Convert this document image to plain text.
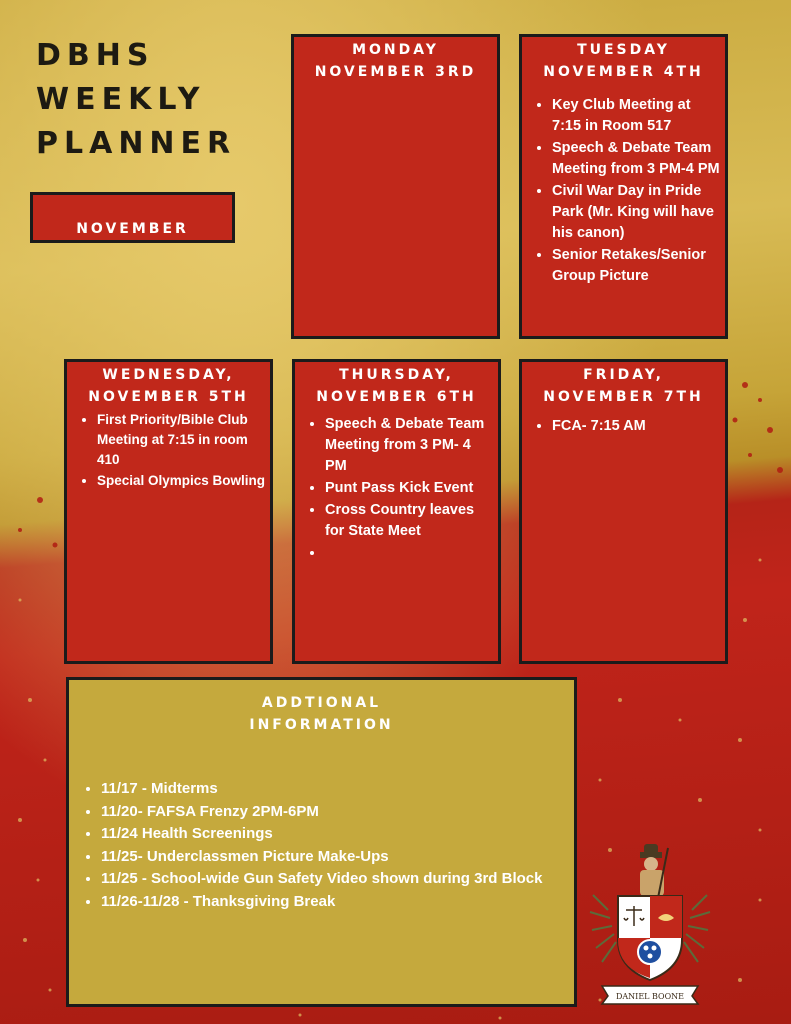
DBHS
WEEKLY
PLANNER
NOVEMBER
MONDAY
NOVEMBER 3RD
TUESDAY
NOVEMBER 4TH
• Key Club Meeting at 7:15 in Room 517
• Speech & Debate Team Meeting from 3 PM-4 PM
• Civil War Day in Pride Park (Mr. King will have his canon)
• Senior Retakes/Senior Group Picture
WEDNESDAY,
NOVEMBER 5TH
• First Priority/Bible Club Meeting at 7:15 in room 410
• Special Olympics Bowling
THURSDAY,
NOVEMBER 6TH
• Speech & Debate Team Meeting from 3 PM- 4 PM
• Punt Pass Kick Event
• Cross Country leaves for State Meet
•
FRIDAY,
NOVEMBER 7TH
• FCA- 7:15 AM
ADDTIONAL
INFORMATION
• 11/17 - Midterms
• 11/20- FAFSA Frenzy 2PM-6PM
• 11/24 Health Screenings
• 11/25- Underclassmen Picture Make-Ups
• 11/25 - School-wide Gun Safety Video shown during 3rd Block
• 11/26-11/28 - Thanksgiving Break
DANIEL BOONE
